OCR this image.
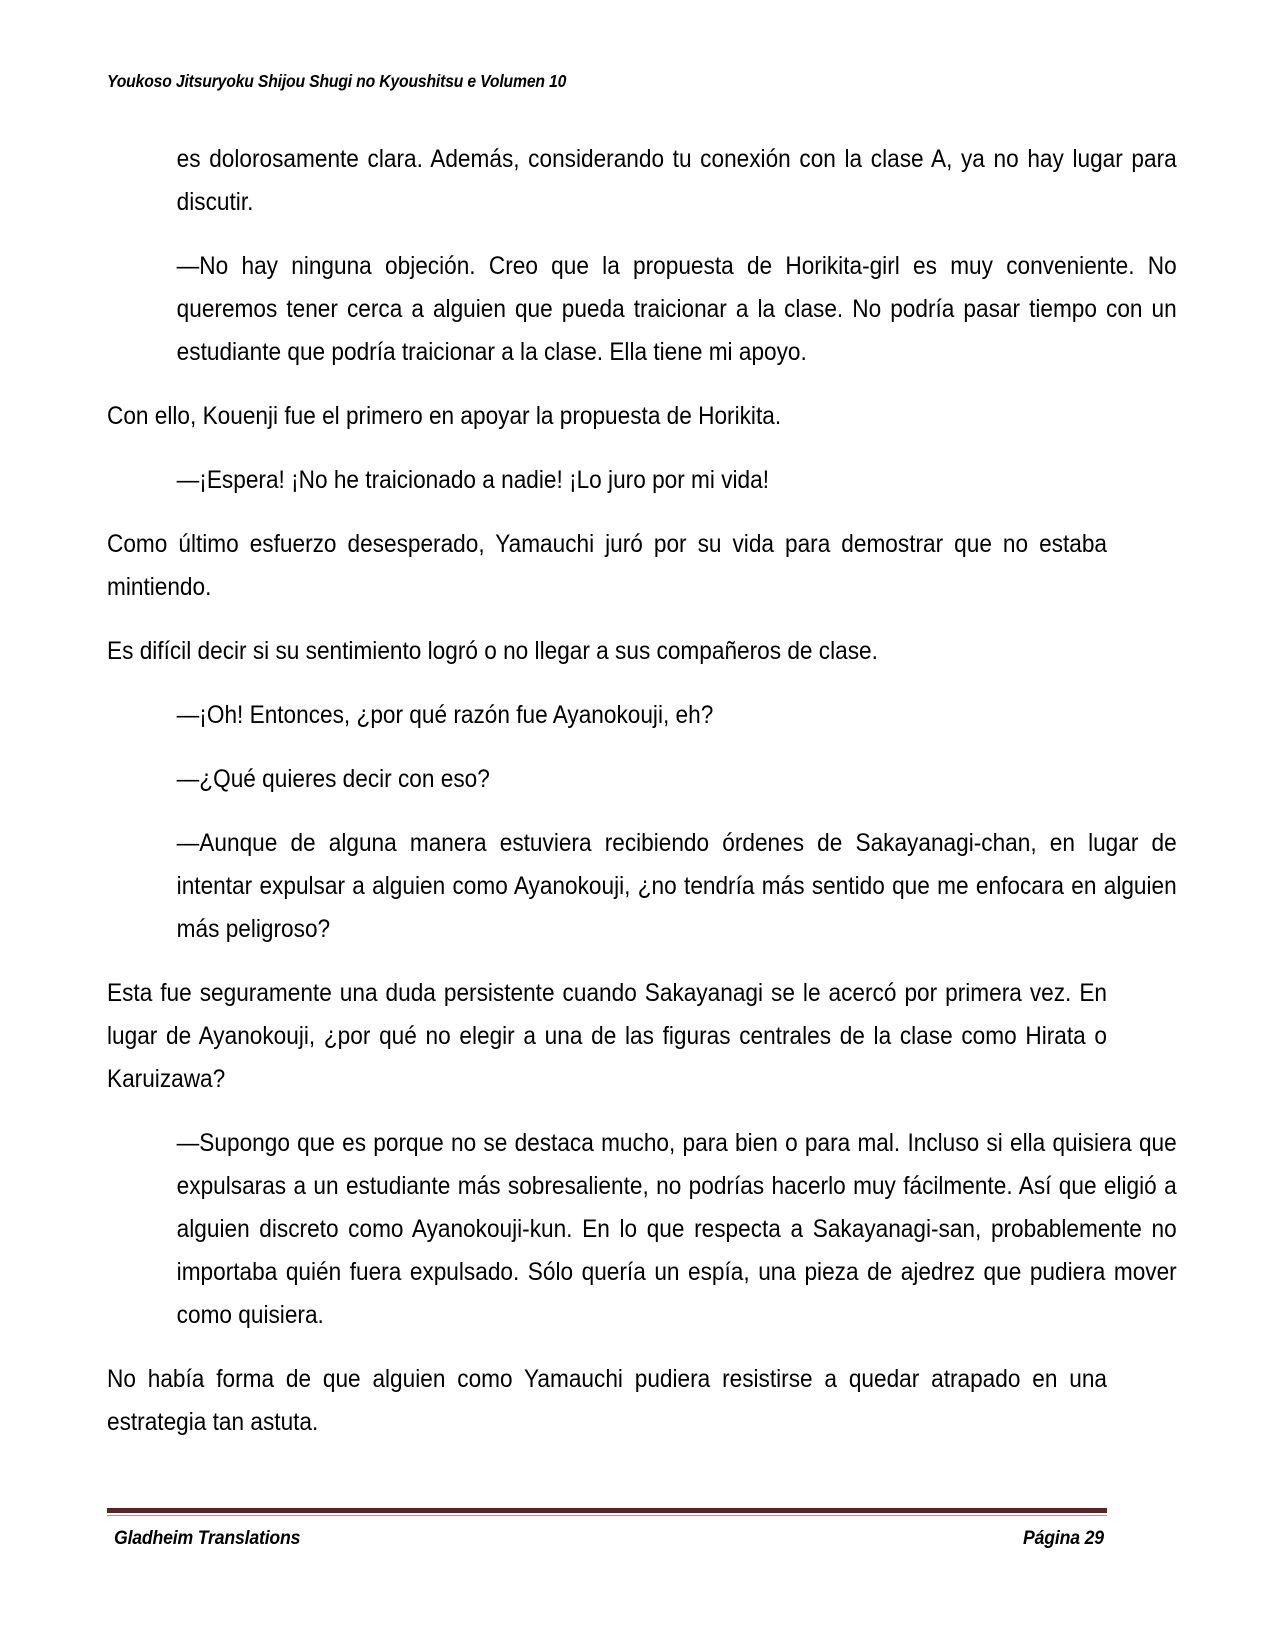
Youkoso Jitsuryoku Shijou Shugi no Kyoushitsu e Volumen 10

es dolorosamente clara. Además, considerando tu conexión con la clase A, ya no hay lugar para discutir.

—No hay ninguna objeción. Creo que la propuesta de Horikita-girl es muy conveniente. No queremos tener cerca a alguien que pueda traicionar a la clase. No podría pasar tiempo con un estudiante que podría traicionar a la clase. Ella tiene mi apoyo.

Con ello, Kouenji fue el primero en apoyar la propuesta de Horikita.

—¡Espera! ¡No he traicionado a nadie! ¡Lo juro por mi vida!

Como último esfuerzo desesperado, Yamauchi juró por su vida para demostrar que no estaba mintiendo.

Es difícil decir si su sentimiento logró o no llegar a sus compañeros de clase.

—¡Oh! Entonces, ¿por qué razón fue Ayanokouji, eh?

—¿Qué quieres decir con eso?

—Aunque de alguna manera estuviera recibiendo órdenes de Sakayanagi-chan, en lugar de intentar expulsar a alguien como Ayanokouji, ¿no tendría más sentido que me enfocara en alguien más peligroso?

Esta fue seguramente una duda persistente cuando Sakayanagi se le acercó por primera vez. En lugar de Ayanokouji, ¿por qué no elegir a una de las figuras centrales de la clase como Hirata o Karuizawa?

—Supongo que es porque no se destaca mucho, para bien o para mal. Incluso si ella quisiera que expulsaras a un estudiante más sobresaliente, no podrías hacerlo muy fácilmente. Así que eligió a alguien discreto como Ayanokouji-kun. En lo que respecta a Sakayanagi-san, probablemente no importaba quién fuera expulsado. Sólo quería un espía, una pieza de ajedrez que pudiera mover como quisiera.

No había forma de que alguien como Yamauchi pudiera resistirse a quedar atrapado en una estrategia tan astuta.

Gladheim Translations	Página 29
